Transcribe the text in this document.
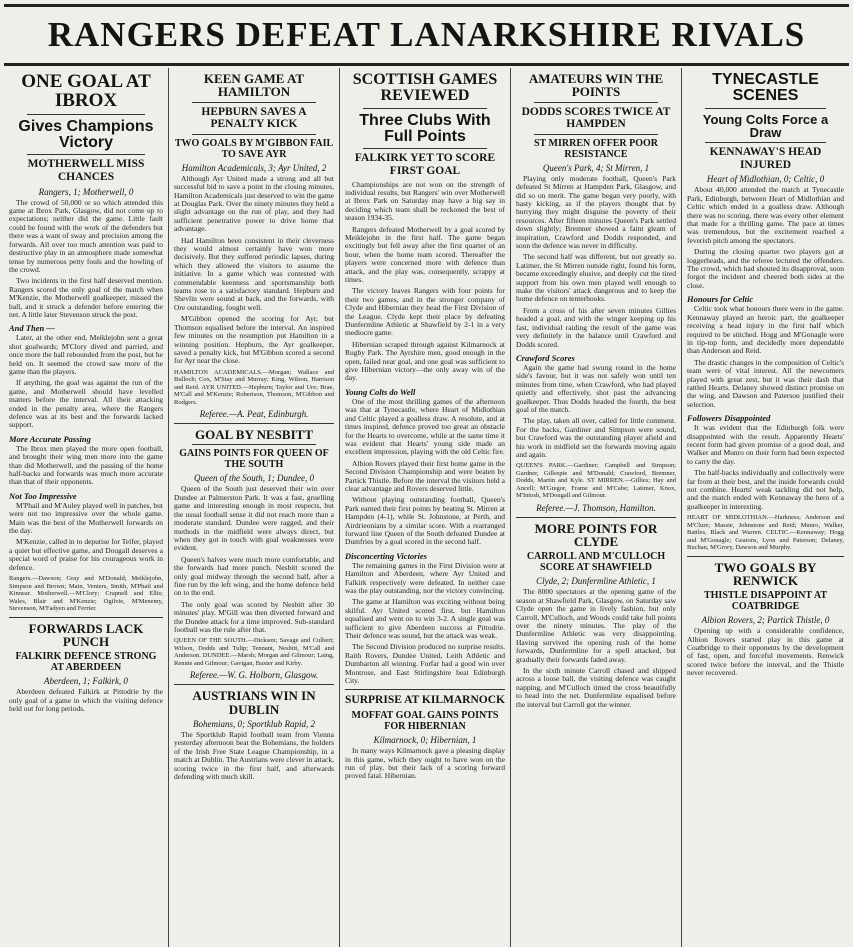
RANGERS DEFEAT LANARKSHIRE RIVALS
ONE GOAL AT IBROX
Gives Champions Victory
MOTHERWELL MISS CHANCES
Rangers, 1; Motherwell, 0

The crowd of 50,000 or so which attended this game at Ibrox Park, Glasgow, did not come up to expectations; neither did the game. Little fault could be found with the work of the defenders but there was a want of sway and precision among the forwards. All over too much attention was paid to destructive play in an atmosphere made somewhat tense by numerous petty fouls and the howling of the crowd.

Two incidents in the first half deserved mention. Rangers scored the only goal of the match when M'Kenzie, the Motherwell goalkeeper, missed the ball, and it struck a defender before entering the net. A little later Stevenson struck the post.

And Then —

Later, at the other end, Meiklejohn sent a great shot goalwards; M'Clory dived and parried, and once more the ball rebounded from the post, but he held on. It seemed the crowd saw more of the game than the players.

If anything, the goal was against the run of the game, and Motherwell should have levelled matters before the interval. All their attacking ended in the penalty area, where the Rangers defence was at its best and the forwards lacked support.

More Accurate Passing

The Ibrox men played the more open football, and brought their wing men more into the game than did Motherwell, and the passing of the home half-backs and forwards was much more accurate than that of their opponents.

Not Too Impressive

M'Phail and M'Auley played well in patches, but were not too impressive over the whole game. Main was the best of the Motherwell forwards on the day.

M'Kenzie, called in to deputise for Telfer, played a quiet but effective game, and Dougall deserves a special word of praise for his courageous work in defence.

Rangers.—Dawson; Gray and M'Donald; Meiklejohn, Simpson and Brown; Main, Venters, Smith, M'Phail and Kinnear. Motherwell.—M'Clory; Crapnell and Ellis; Wales, Blair and M'Kenzie; Ogilvie, M'Menemy, Stevenson, M'Fadyen and Ferrier.

FORWARDS LACK PUNCH
FALKIRK DEFENCE STRONG AT ABERDEEN
Aberdeen, 1; Falkirk, 0

Aberdeen defeated Falkirk at Pittodrie by the only goal of a game in which the visiting defence held out for long periods.

KEEN GAME AT HAMILTON
HEPBURN SAVES A PENALTY KICK
TWO GOALS BY M'GIBBON FAIL TO SAVE AYR
Hamilton Academicals, 3; Ayr United, 2

Although Ayr United made a strong and all but successful bid to save a point in the closing minutes, Hamilton Academicals just deserved to win the game at Douglas Park. Over the ninety minutes they held a slight advantage on the run of play, and they had sufficient penetrative power to drive home that advantage.

Had Hamilton been consistent in their cleverness they would almost certainly have won more decisively. But they suffered periodic lapses, during which they allowed the visitors to assume the initiative. In a game which was contested with commendable keenness and sportsmanship both teams rose to a satisfactory standard. Hepburn and Shevlin were sound at back, and the forwards, with Ore outstanding, fought well.

M'Gibbon opened the scoring for Ayr, but Thomson equalised before the interval. An inspired few minutes on the resumption put Hamilton in a winning position. Hepburn, the Ayr goalkeeper, saved a penalty kick, but M'Gibbon scored a second for Ayr near the close.

HAMILTON ACADEMICALS.—Morgan; Wallace and Bulloch; Cox, M'Stay and Murray; King, Wilson, Harrison and Reid. AYR UNITED.—Hepburn; Taylor and Ure; Brae, M'Call and M'Kenzie; Robertson, Thomson, M'Gibbon and Rodgers.

Referee.—A. Peat, Edinburgh.
GOAL BY NESBITT
GAINS POINTS FOR QUEEN OF THE SOUTH
Queen of the South, 1; Dundee, 0

Queen of the South just deserved their win over Dundee at Palmerston Park. It was a fast, gruelling game and interesting enough in most respects, but the usual football sense it did not reach more than a moderate standard. Dundee were ragged, and their methods in the midfield were always direct, but when they got in touch with goal weaknesses were evident.

Queen's halves were much more comfortable, and the forwards had more punch. Nesbitt scored the only goal midway through the second half, after a fine run by the left wing, and the home defence held on to the end.

The only goal was scored by Nesbitt after 30 minutes' play. M'Gill was then diverted forward and the Dundee attack for a time improved. Sub-standard football was the rule after that.

QUEEN OF THE SOUTH.—Dickson; Savage and Culbert; Wilson, Dodds and Tulip; Tennant, Nesbitt, M'Call and Anderson. DUNDEE.—Marsh; Morgan and Gilmour; Laing, Rennie and Gilmour; Gavigan, Baxter and Kirby.

Referee.—W. G. Holborn, Glasgow.
AUSTRIANS WIN IN DUBLIN
Bohemians, 0; Sportklub Rapid, 2

The Sportklub Rapid football team from Vienna yesterday afternoon beat the Bohemians, the holders of the Irish Free State League Championship, in a match at Dublin. The Austrians were clever in attack, scoring twice in the first half, and afterwards defending with much skill.

SCOTTISH GAMES REVIEWED
Three Clubs With Full Points
FALKIRK YET TO SCORE FIRST GOAL

Championships are not won on the strength of individual results, but Rangers' win over Motherwell at Ibrox Park on Saturday may have a big say in deciding which team shall be reckoned the best of season 1934-35.

Rangers defeated Motherwell by a goal scored by Meiklejohn in the first half. The game began excitingly but fell away after the first quarter of an hour, when the home team scored. Thereafter the players were concerned more with defence than attack, and the play was, consequently, scrappy at times.

The victory leaves Rangers with four points for their two games, and in the stronger company of Clyde and Hibernian they head the First Division of the League. Clyde kept their place by defeating Dunfermline Athletic at Shawfield by 2-1 in a very mediocre game.

Hibernian scraped through against Kilmarnock at Rugby Park. The Ayrshire men, good enough in the open, failed near goal, and one goal was sufficient to give Hibernian victory—the only away win of the day.

Young Colts do Well

One of the most thrilling games of the afternoon was that at Tynecastle, where Heart of Midlothian and Celtic played a goalless draw. A resolute, and at times inspired, defence proved too great an obstacle for the Hearts to overcome, while at the same time it was evident that Hearts' young side made an excellent impression, playing with the old Celtic fire.

Albion Rovers played their first home game in the Second Division Championship and were beaten by Partick Thistle. Before the interval the visitors held a clear advantage and Rovers deserved little.

Without playing outstanding football, Queen's Park earned their first points by beating St. Mirren at Hampden (4-1), while St. Johnstone, at Perth, and Airdrieonians by a similar score. With a rearranged forward line Queen of the South defeated Dundee at Dumfries by a goal scored in the second half.

Disconcerting Victories

The remaining games in the First Division were at Hamilton and Aberdeen, where Ayr United and Falkirk respectively were defeated. In neither case was the play outstanding, nor the victory convincing.

The game at Hamilton was exciting without being skilful. Ayr United scored first, but Hamilton equalised and went on to win 3-2. A single goal was sufficient to give Aberdeen success at Pittodrie. Their defence was sound, but the attack was weak.

The Second Division produced no surprise results. Raith Rovers, Dundee United, Leith Athletic and Dumbarton all winning. Forfar had a good win over Montrose, and East Stirlingshire beat Edinburgh City.

SURPRISE AT KILMARNOCK
MOFFAT GOAL GAINS POINTS FOR HIBERNIAN
Kilmarnock, 0; Hibernian, 1

In many ways Kilmarnock gave a pleasing display in this game, which they ought to have won on the run of play, but their lack of a scoring forward proved fatal. Hibernian.

AMATEURS WIN THE POINTS
DODDS SCORES TWICE AT HAMPDEN
ST MIRREN OFFER POOR RESISTANCE
Queen's Park, 4; St Mirren, 1

Playing only moderate football, Queen's Park defeated St Mirren at Hampden Park, Glasgow, and did so on merit. The game began very poorly, with hasty kicking, as if the players thought that by hurrying they might disguise the poverty of their resources. After fifteen minutes Queen's Park settled down slightly; Bremner showed a faint gleam of inspiration, Crawford and Dodds responded, and soon the defence was never in difficulty.

The second half was different, but not greatly so. Latimer, the St Mirren outside right, found his form, became exceedingly elusive, and deeply cut the tired support from his own men played well enough to make the visitors' attack dangerous and to keep the home defence on tenterhooks.

From a cross of his after seven minutes Gillies headed a goal, and with the winger keeping up his fast, individual raiding the result of the game was very definitely in the balance until Crawford and Dodds scored.

Crawford Scores

Again the game had swung round in the home side's favour, but it was not safely won until ten minutes from time, when Crawford, who had played quietly and effectively, shot past the advancing goalkeeper. Thus Dodds headed the fourth, the best goal of the match.

The play, taken all over, called for little comment. For the backs, Gardiner and Simpson were sound, but Crawford was the outstanding player afield and his work in midfield set the forwards moving again and again.

QUEEN'S PARK.—Gardiner; Campbell and Simpson; Gardner, Gillespie and M'Donald; Crawford, Bremner, Dodds, Martin and Kyle. ST MIRREN.—Gillies; Hay and Ancell; M'Gregor, Frame and M'Cabe; Latimer, Knox, M'Intosh, M'Dougall and Gilmour.

Referee.—J. Thomson, Hamilton.
MORE POINTS FOR CLYDE
CARROLL AND M'CULLOCH SCORE AT SHAWFIELD
Clyde, 2; Dunfermline Athletic, 1

The 8000 spectators at the opening game of the season at Shawfield Park, Glasgow, on Saturday saw Clyde open the game in lively fashion, but only Carroll, M'Culloch, and Woods could take full points over the ninety minutes. The play of the Dunfermline Athletic was very disappointing. Having survived the opening rush of the home forwards, Dunfermline for a spell attacked, but gradually their forwards faded away.

In the sixth minute Carroll chased and shipped across a loose ball, the visiting defence was caught napping, and M'Culloch timed the cross beautifully to head into the net. Dunfermline equalised before the interval but Carroll got the winner.

TYNECASTLE SCENES
Young Colts Force a Draw
KENNAWAY'S HEAD INJURED
Heart of Midlothian, 0; Celtic, 0

About 40,000 attended the match at Tynecastle Park, Edinburgh, between Heart of Midlothian and Celtic which ended in a goalless draw. Although there was no scoring, there was every other element that made for a thrilling game. The pace at times was tremendous, but the excitement reached a feverish pitch among the spectators.

During the closing quarter two players got at loggerheads, and the referee lectured the offenders. The crowd, which had shouted its disapproval, soon forgot the incident and cheered both sides at the close.

Honours for Celtic

Celtic took what honours there were in the game. Kennaway played an heroic part, the goalkeeper receiving a head injury in the first half which required to be stitched. Hogg and M'Gonagle were in tip-top form, and decidedly more dependable than Anderson and Reid.

The drastic changes in the composition of Celtic's team were of vital interest. All the newcomers played with great zest, but it was their dash that rattled Hearts. Delaney showed distinct promise on the wing, and Dawson and Paterson justified their selection.

Followers Disappointed

It was evident that the Edinburgh folk were disappointed with the result. Apparently Hearts' recent form had given promise of a good deal, and Walker and Munro on their form had been expected to carry the day.

The half-backs individually and collectively were far from at their best, and the inside forwards could not combine. Hearts' weak tackling did not help, and the match ended with Kennaway the hero of a goalkeeper in interesting.

HEART OF MIDLOTHIAN.—Harkness; Anderson and M'Clure; Massie, Johnstone and Reid; Munro, Walker, Battles, Black and Warren. CELTIC.—Kennaway; Hogg and M'Gonagle; Geatons, Lyon and Paterson; Delaney, Buchan, M'Grory, Dawson and Murphy.

TWO GOALS BY RENWICK
THISTLE DISAPPOINT AT COATBRIDGE
Albion Rovers, 2; Partick Thistle, 0

Opening up with a considerable confidence, Albion Rovers started play in this game at Coatbridge to their opponents by the development of fast, open, and forceful movements. Renwick scored twice before the interval, and the Thistle never recovered.
